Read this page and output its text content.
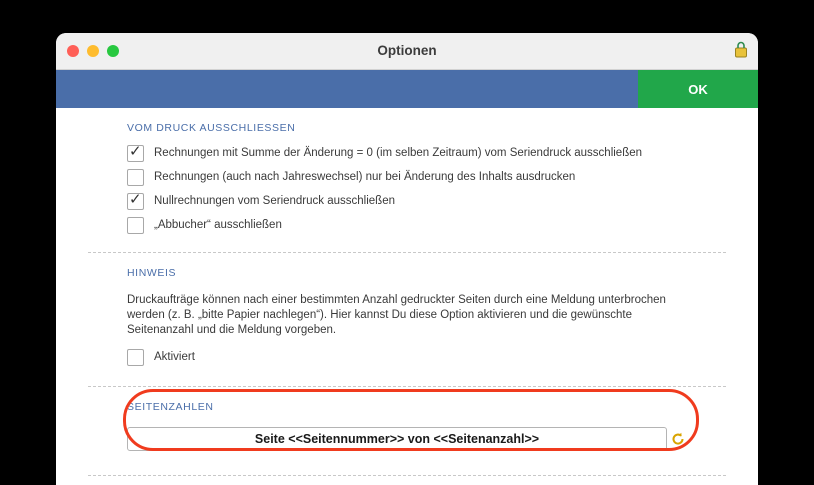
Optionen
OK
VOM DRUCK AUSSCHLIESSEN
✓
Rechnungen mit Summe der Änderung = 0 (im selben Zeitraum) vom Seriendruck ausschließen
Rechnungen (auch nach Jahreswechsel) nur bei Änderung des Inhalts ausdrucken
✓
Nullrechnungen vom Seriendruck ausschließen
„Abbucher“ ausschließen
HINWEIS
Druckaufträge können nach einer bestimmten Anzahl gedruckter Seiten durch eine Meldung unterbrochen werden (z. B. „bitte Papier nachlegen“). Hier kannst Du diese Option aktivieren und die gewünschte Seitenanzahl und die Meldung vorgeben.
Aktiviert
SEITENZAHLEN
Seite <<Seitennummer>> von <<Seitenanzahl>>
